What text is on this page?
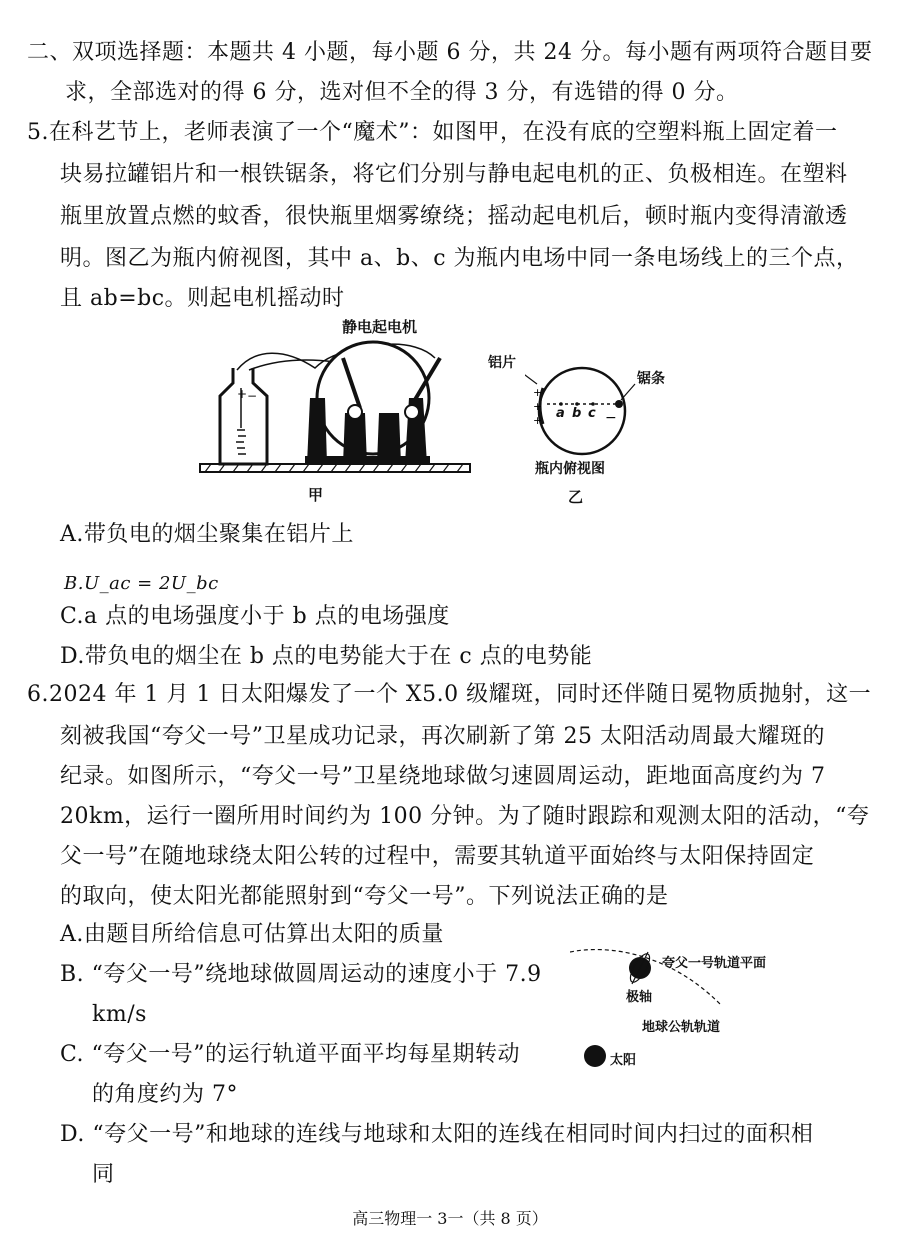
二、双项选择题：本题共 4 小题，每小题 6 分，共 24 分。每小题有两项符合题目要
求，全部选对的得 6 分，选对但不全的得 3 分，有选错的得 0 分。
5.在科艺节上，老师表演了一个“魔术”：如图甲，在没有底的空塑料瓶上固定着一
块易拉罐铝片和一根铁锯条，将它们分别与静电起电机的正、负极相连。在塑料
瓶里放置点燃的蚊香，很快瓶里烟雾缭绕；摇动起电机后，顿时瓶内变得清澈透
明。图乙为瓶内俯视图，其中 a、b、c 为瓶内电场中同一条电场线上的三个点，
且 ab=bc。则起电机摇动时
静电起电机
+ −
甲
铝片
锯条
+
+
+	−
a b c
瓶内俯视图
乙
A.带负电的烟尘聚集在铝片上
B.U_ac = 2U_bc
C.a 点的电场强度小于 b 点的电场强度
D.带负电的烟尘在 b 点的电势能大于在 c 点的电势能
6.2024 年 1 月 1 日太阳爆发了一个 X5.0 级耀斑，同时还伴随日冕物质抛射，这一
刻被我国“夸父一号”卫星成功记录，再次刷新了第 25 太阳活动周最大耀斑的
纪录。如图所示，“夸父一号”卫星绕地球做匀速圆周运动，距地面高度约为 7
20km，运行一圈所用时间约为 100 分钟。为了随时跟踪和观测太阳的活动，“夸
父一号”在随地球绕太阳公转的过程中，需要其轨道平面始终与太阳保持固定
的取向，使太阳光都能照射到“夸父一号”。下列说法正确的是
A.由题目所给信息可估算出太阳的质量
B. “夸父一号”绕地球做圆周运动的速度小于 7.9
km/s
C. “夸父一号”的运行轨道平面平均每星期转动
的角度约为 7°
D. “夸父一号”和地球的连线与地球和太阳的连线在相同时间内扫过的面积相
同
夸父一号轨道平面
极轴
地球公轨轨道
太阳
高三物理一 3一（共 8 页）
